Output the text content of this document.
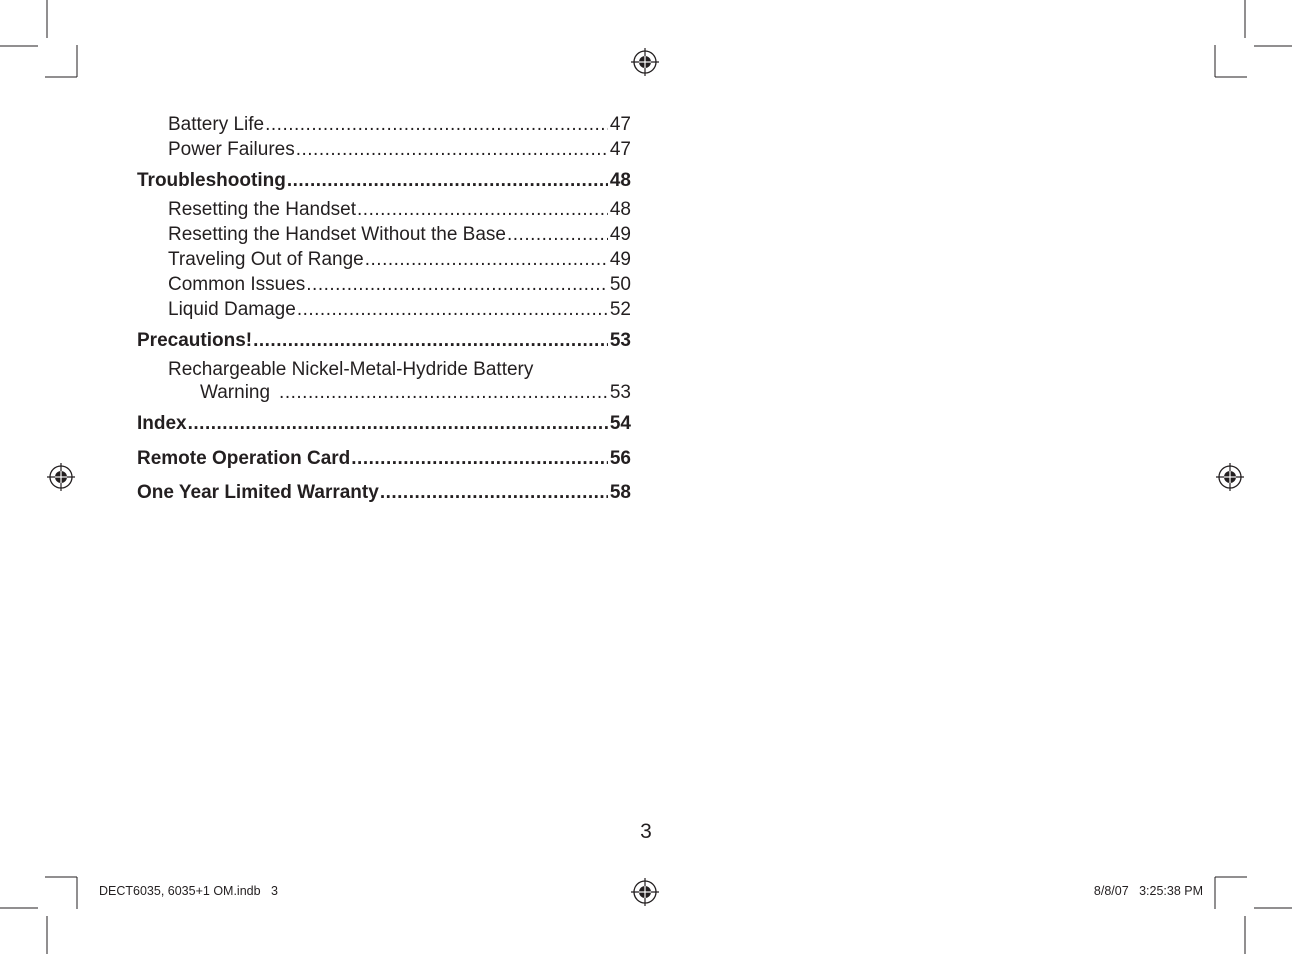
Battery Life .....	47
Power Failures .....	47
Troubleshooting .....	48
Resetting the Handset .....	48
Resetting the Handset Without the Base .....	49
Traveling Out of Range .....	49
Common Issues .....	50
Liquid Damage .....	52
Precautions! .....	53
Rechargeable Nickel-Metal-Hydride Battery
Warning .....	53
Index .....	54
Remote Operation Card .....	56
One Year Limited Warranty .....	58
3
DECT6035, 6035+1 OM.indb   3	8/8/07   3:25:38 PM
